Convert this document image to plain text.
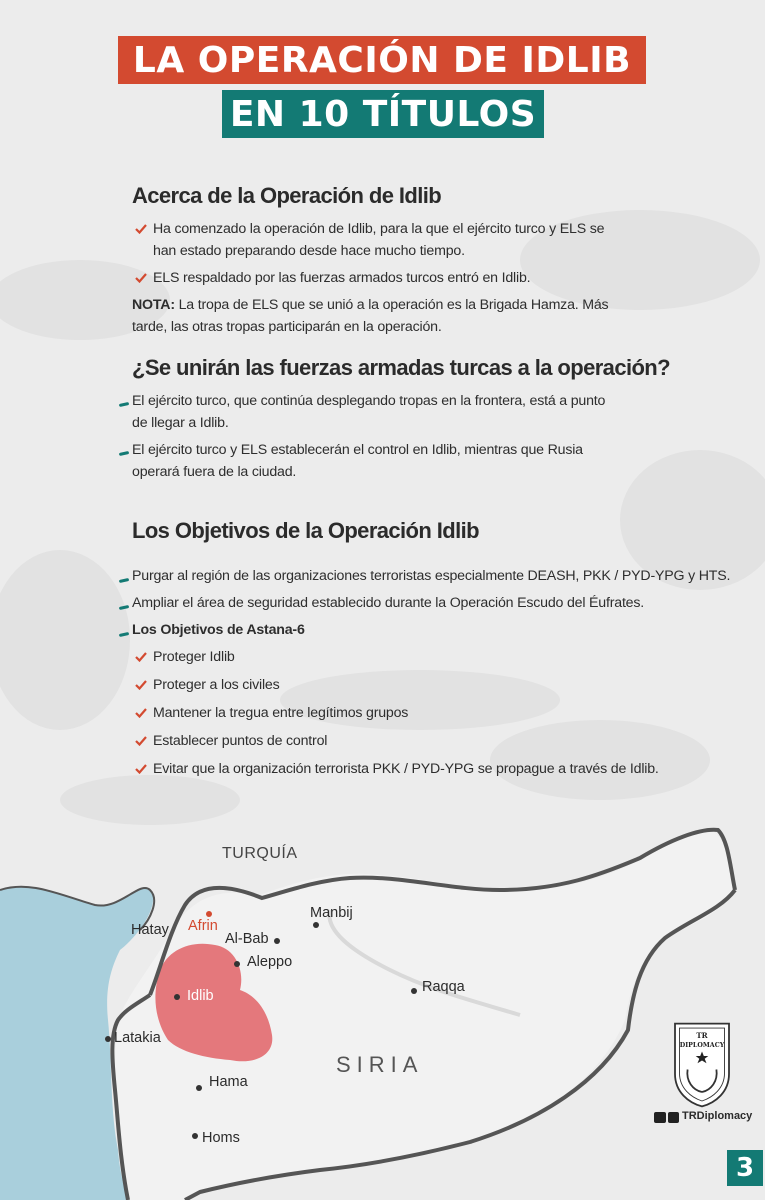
LA OPERACIÓN DE IDLIB
EN 10 TÍTULOS
Acerca de la Operación de Idlib
Ha comenzado la operación de Idlib, para la que el ejército turco y ELS se
han estado preparando desde hace mucho tiempo.
ELS respaldado por las fuerzas armados turcos entró en Idlib.
NOTA: La tropa de ELS que se unió a la operación es la Brigada Hamza. Más
tarde, las otras tropas participarán en la operación.
¿Se unirán las fuerzas armadas turcas a la operación?
El ejército turco, que continúa desplegando tropas en la frontera, está a punto
de llegar a Idlib.
El ejército turco y ELS establecerán el control en Idlib, mientras que Rusia
operará fuera de la ciudad.
Los Objetivos de la Operación Idlib
Purgar al región de las organizaciones terroristas especialmente DEASH, PKK / PYD-YPG y HTS.
Ampliar el área de seguridad establecido durante la Operación Escudo del Éufrates.
Los Objetivos de Astana-6
Proteger Idlib
Proteger a los civiles
Mantener la tregua entre legítimos grupos
Establecer puntos de control
Evitar que la organización terrorista PKK / PYD-YPG se propague a través de Idlib.
TURQUÍA
SIRIA
Hatay Afrin
Al-Bab
Manbij
Aleppo
Idlib
Raqqa
Latakia
Hama
Homs
TR
DIPLOMACY
TRDiplomacy
3
